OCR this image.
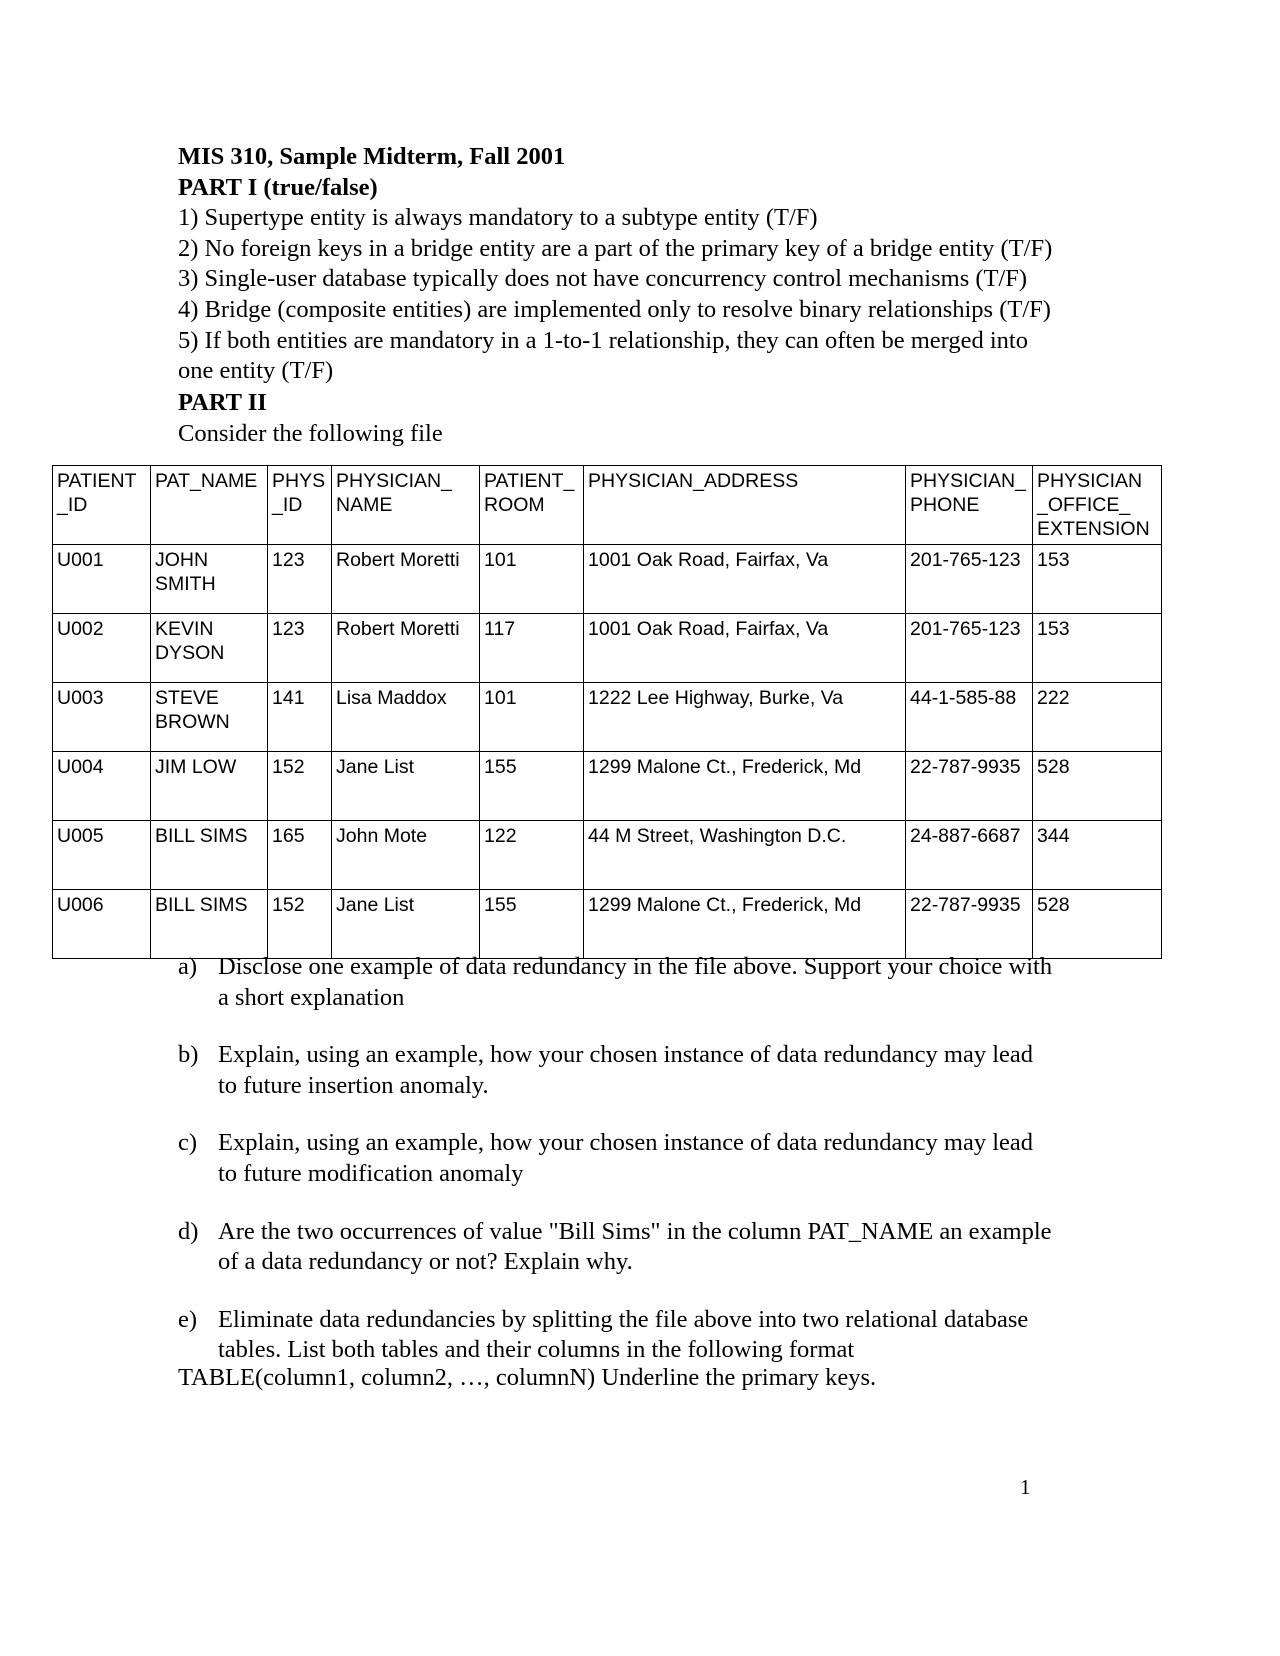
MIS 310, Sample Midterm, Fall 2001

PART I (true/false)

1) Supertype entity is always mandatory to a subtype entity (T/F)

2) No foreign keys in a bridge entity are a part of the primary key of a bridge entity (T/F)

3) Single-user database typically does not have concurrency control mechanisms (T/F)

4) Bridge (composite entities) are implemented only to resolve binary relationships (T/F)

5) If both entities are mandatory in a 1-to-1 relationship, they can often be merged into one entity (T/F)

PART II

Consider the following file

PATIENT_ID	PAT_NAME	PHYS_ID	PHYSICIAN_ NAME	PATIENT_ ROOM	PHYSICIAN_ADDRESS	PHYSICIAN_ PHONE	PHYSICIAN _OFFICE_ EXTENSION
U001	JOHN SMITH	123	Robert Moretti	101	1001 Oak Road, Fairfax, Va	201-765-123	153
U002	KEVIN DYSON	123	Robert Moretti	117	1001 Oak Road, Fairfax, Va	201-765-123	153
U003	STEVE BROWN	141	Lisa Maddox	101	1222 Lee Highway, Burke, Va	44-1-585-88	222
U004	JIM LOW	152	Jane List	155	1299 Malone Ct., Frederick, Md	22-787-9935	528
U005	BILL SIMS	165	John Mote	122	44 M Street, Washington D.C.	24-887-6687	344
U006	BILL SIMS	152	Jane List	155	1299 Malone Ct., Frederick, Md	22-787-9935	528
a) Disclose one example of data redundancy in the file above. Support your choice with a short explanation
b) Explain, using an example, how your chosen instance of data redundancy may lead to future insertion anomaly.
c) Explain, using an example, how your chosen instance of data redundancy may lead to future modification anomaly
d) Are the two occurrences of value "Bill Sims" in the column PAT_NAME an example of a data redundancy or not? Explain why.
e) Eliminate data redundancies by splitting the file above into two relational database tables. List both tables and their columns in the following format
TABLE(column1, column2, …, columnN) Underline the primary keys.
1
